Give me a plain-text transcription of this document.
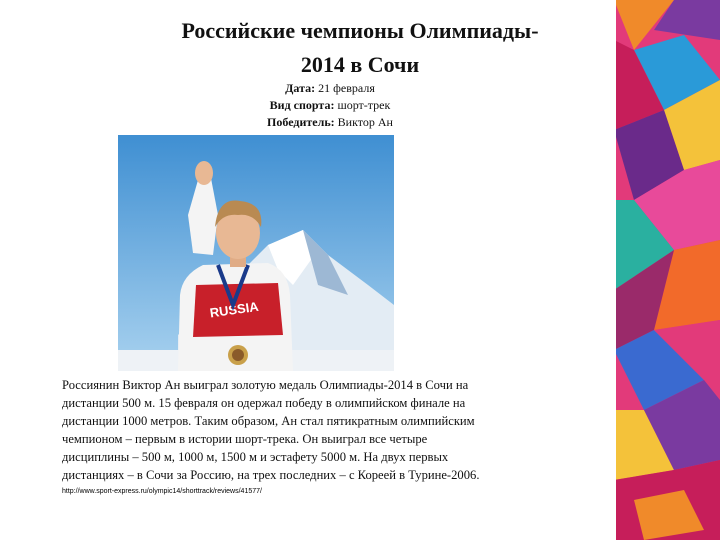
Российские чемпионы Олимпиады-
2014 в Сочи
Дата: 21 февраля
Вид спорта: шорт-трек
Победитель: Виктор Ан
RUSSIA

Россиянин Виктор Ан выиграл золотую медаль Олимпиады-2014 в Сочи на

дистанции 500 м. 15 февраля он одержал победу в олимпийском финале на

дистанции 1000 метров. Таким образом, Ан стал пятикратным олимпийским

чемпионом – первым в истории шорт-трека. Он выиграл все четыре

дисциплины – 500 м, 1000 м, 1500 м и эстафету 5000 м. На двух первых

дистанциях – в Сочи за Россию, на трех последних – с Кореей в Турине-2006.

http://www.sport-express.ru/olympic14/shorttrack/reviews/41577/
